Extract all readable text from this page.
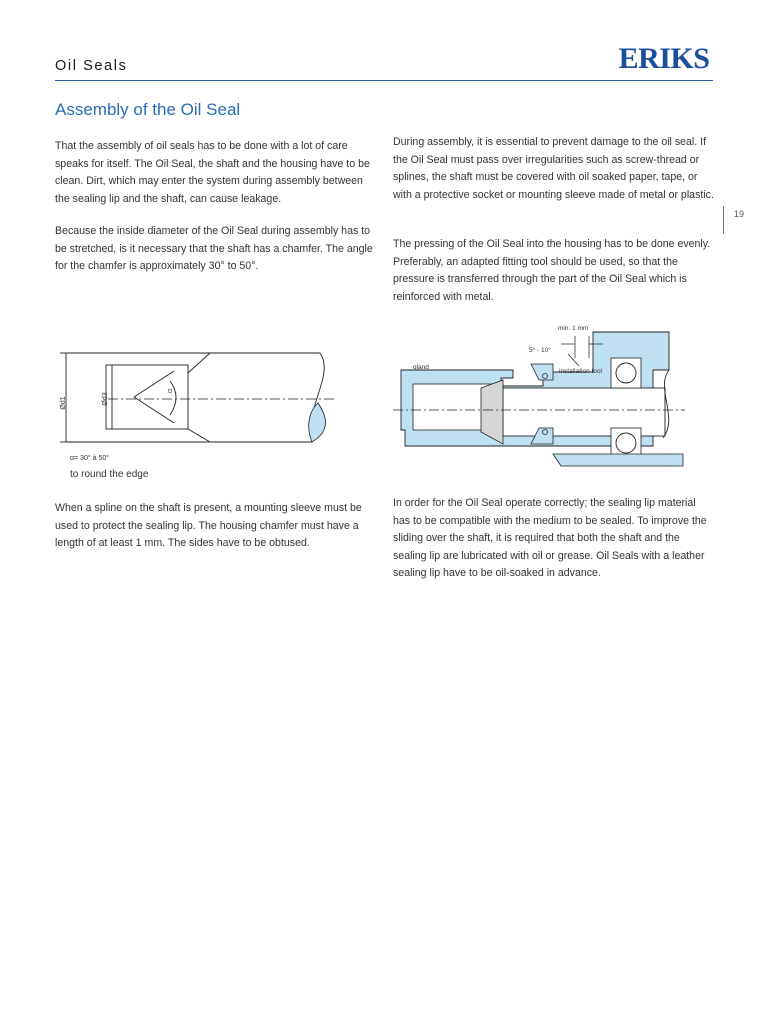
Oil Seals	ERIKS
Assembly of the Oil Seal
19

That the assembly of oil seals has to be done with a lot of care speaks for itself. The Oil Seal, the shaft and the housing have to be clean. Dirt, which may enter the system during assembly between the sealing lip and the shaft, can cause leakage.

Because the inside diameter of the Oil Seal during assembly has to be stretched, is it necessary that the shaft has a chamfer. The angle for the chamfer is approximately 30° to 50°.

When a spline on the shaft is present, a mounting sleeve must be used to protect the sealing lip. The housing chamfer must have a length of at least 1 mm. The sides have to be obtused.

During assembly, it is essential to prevent damage to the oil seal. If the Oil Seal must pass over irregularities such as screw-thread or splines, the shaft must be covered with oil soaked paper, tape, or with a protective socket or mounting sleeve made of metal or plastic.

The pressing of the Oil Seal into the housing has to be done evenly. Preferably, an adapted fitting tool should be used, so that the pressure is transferred through the part of the Oil Seal which is reinforced with metal.

In order for the Oil Seal operate correctly; the sealing lip material has to be compatible with the medium to be sealed. To improve the sliding over the shaft, it is required that both the shaft and the sealing lip are lubricated with oil or grease. Oil Seals with a leather sealing lip have to be oil-soaked in advance.

Ød1	Ød3
α
α= 30° à 50°
to round the edge
min. 1 mm
5° - 10°
gland
installation tool
